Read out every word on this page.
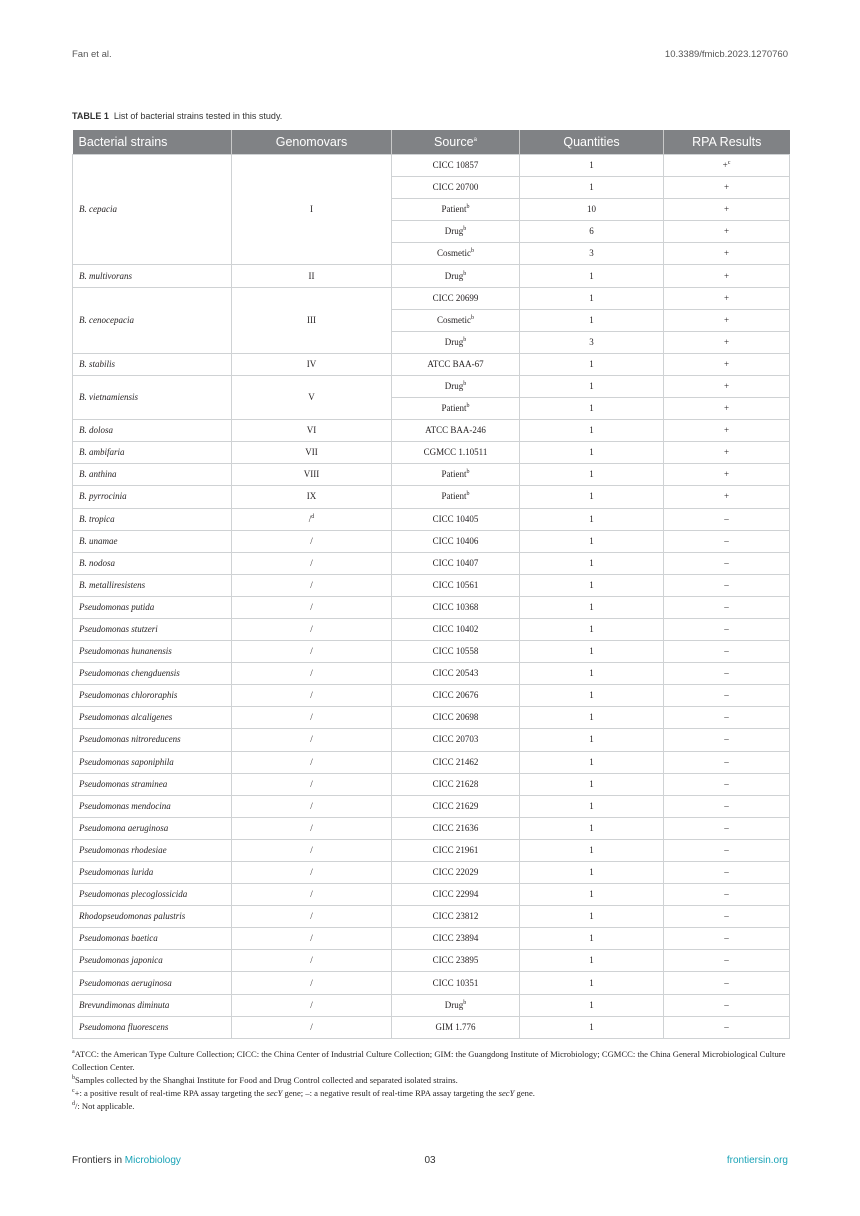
Fan et al.	10.3389/fmicb.2023.1270760
TABLE 1 List of bacterial strains tested in this study.
Bacterial strains	Genomovars	Source$^a$	Quantities	RPA Results
B. cepacia	I	CICC 10857	1	+$^c$
		CICC 20700	1	+
		Patient$^b$	10	+
		Drug$^b$	6	+
		Cosmetic$^b$	3	+
B. multivorans	II	Drug$^b$	1	+
B. cenocepacia	III	CICC 20699	1	+
		Cosmetic$^b$	1	+
		Drug$^b$	3	+
B. stabilis	IV	ATCC BAA-67	1	+
B. vietnamiensis	V	Drug$^b$	1	+
		Patient$^b$	1	+
B. dolosa	VI	ATCC BAA-246	1	+
B. ambifaria	VII	CGMCC 1.10511	1	+
B. anthina	VIII	Patient$^b$	1	+
B. pyrrocinia	IX	Patient$^b$	1	+
B. tropica	/$^d$	CICC 10405	1	–
B. unamae	/	CICC 10406	1	–
B. nodosa	/	CICC 10407	1	–
B. metalliresistens	/	CICC 10561	1	–
Pseudomonas putida	/	CICC 10368	1	–
Pseudomonas stutzeri	/	CICC 10402	1	–
Pseudomonas hunanensis	/	CICC 10558	1	–
Pseudomonas chengduensis	/	CICC 20543	1	–
Pseudomonas chlororaphis	/	CICC 20676	1	–
Pseudomonas alcaligenes	/	CICC 20698	1	–
Pseudomonas nitroreducens	/	CICC 20703	1	–
Pseudomonas saponiphila	/	CICC 21462	1	–
Pseudomonas straminea	/	CICC 21628	1	–
Pseudomonas mendocina	/	CICC 21629	1	–
Pseudomona aeruginosa	/	CICC 21636	1	–
Pseudomonas rhodesiae	/	CICC 21961	1	–
Pseudomonas lurida	/	CICC 22029	1	–
Pseudomonas plecoglossicida	/	CICC 22994	1	–
Rhodopseudomonas palustris	/	CICC 23812	1	–
Pseudomonas baetica	/	CICC 23894	1	–
Pseudomonas japonica	/	CICC 23895	1	–
Pseudomonas aeruginosa	/	CICC 10351	1	–
Brevundimonas diminuta	/	Drug$^b$	1	–
Pseudomona fluorescens	/	GIM 1.776	1	–

$^a$ATCC: the American Type Culture Collection; CICC: the China Center of Industrial Culture Collection; GIM: the Guangdong Institute of Microbiology; CGMCC: the China General Microbiological Culture Collection Center.

$^b$Samples collected by the Shanghai Institute for Food and Drug Control collected and separated isolated strains.

$^c$+: a positive result of real-time RPA assay targeting the secY gene; –: a negative result of real-time RPA assay targeting the secY gene.

$^d$/: Not applicable.

Frontiers in Microbiology	03	frontiersin.org
